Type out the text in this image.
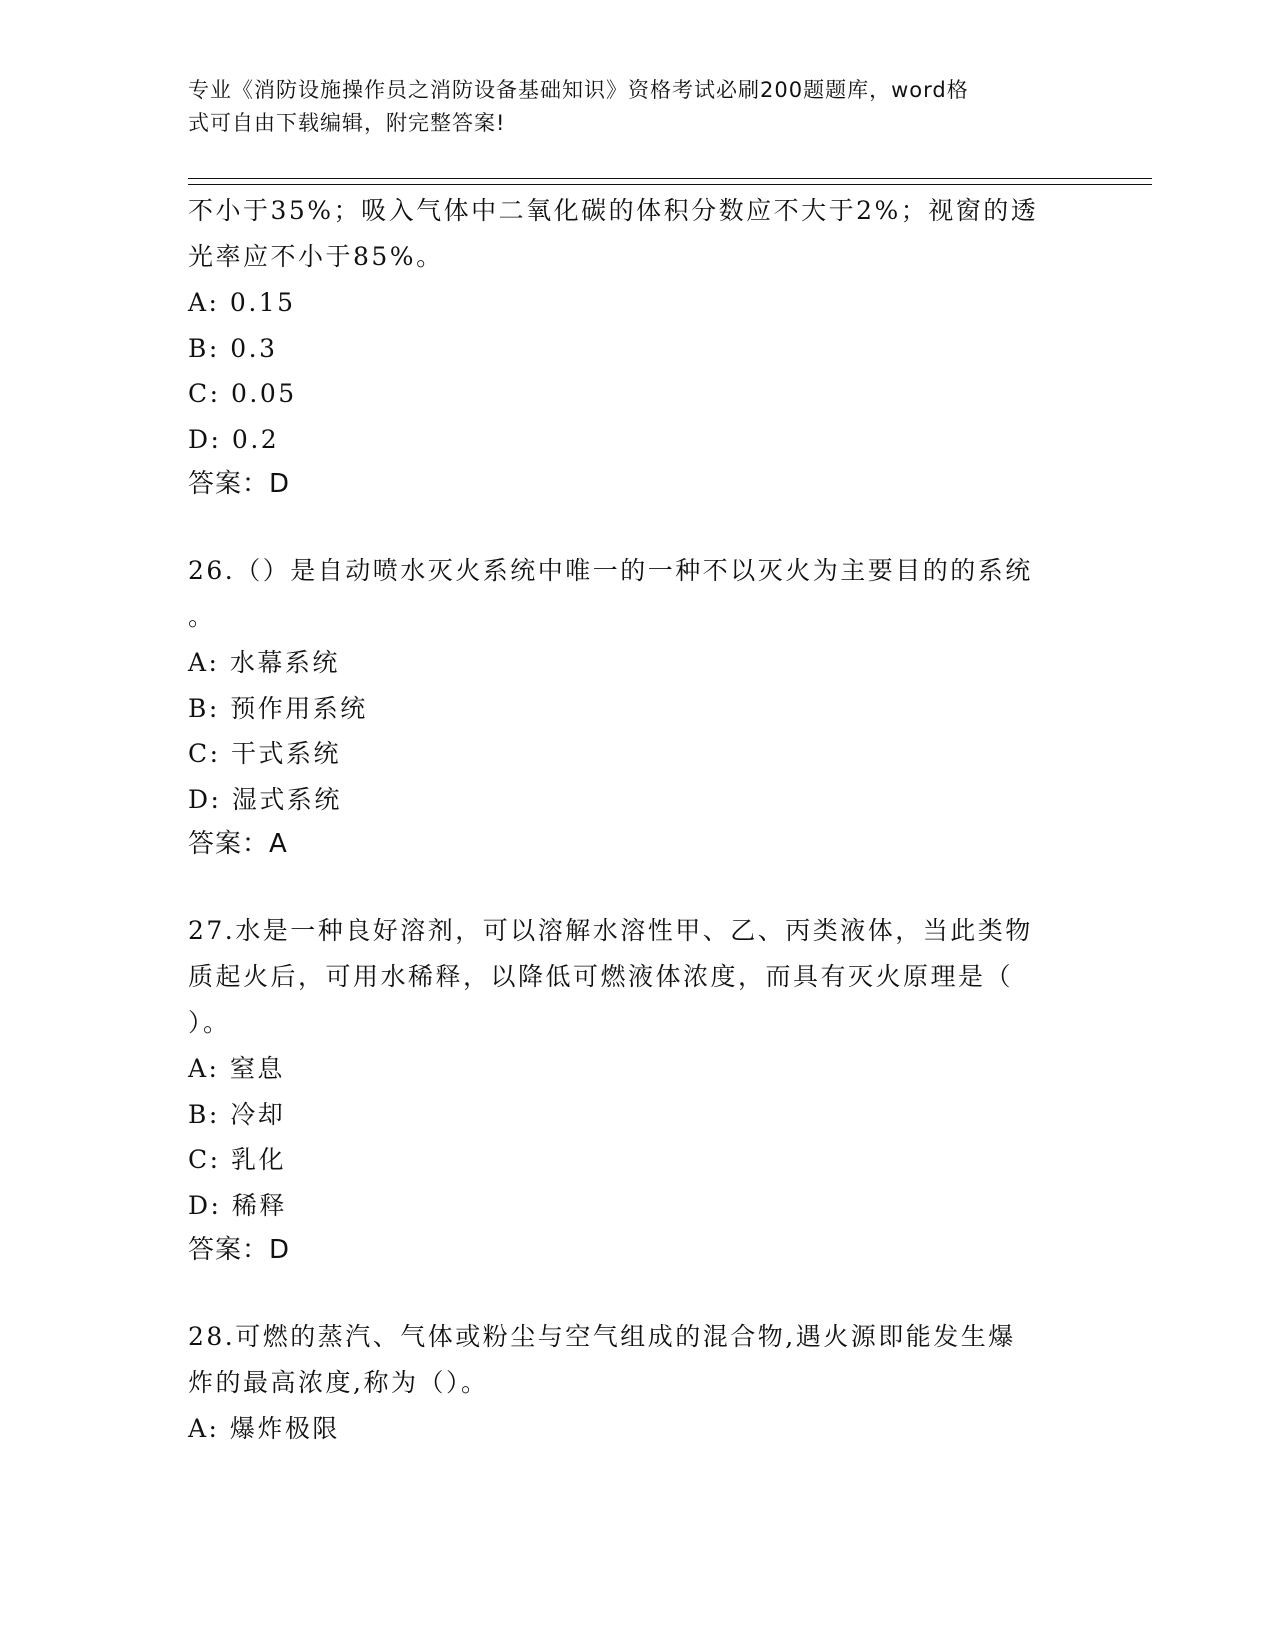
专业《消防设施操作员之消防设备基础知识》资格考试必刷200题题库，word格
式可自由下载编辑，附完整答案!
不小于35%；吸入气体中二氧化碳的体积分数应不大于2%；视窗的透
光率应不小于85%。
A: 0.15
B: 0.3
C: 0.05
D: 0.2
答案：D
26.（）是自动喷水灭火系统中唯一的一种不以灭火为主要目的的系统
。
A: 水幕系统
B: 预作用系统
C: 干式系统
D: 湿式系统
答案：A
27.水是一种良好溶剂，可以溶解水溶性甲、乙、丙类液体，当此类物
质起火后，可用水稀释，以降低可燃液体浓度，而具有灭火原理是（
）。
A: 窒息
B: 冷却
C: 乳化
D: 稀释
答案：D
28.可燃的蒸汽、气体或粉尘与空气组成的混合物,遇火源即能发生爆
炸的最高浓度,称为（）。
A: 爆炸极限
